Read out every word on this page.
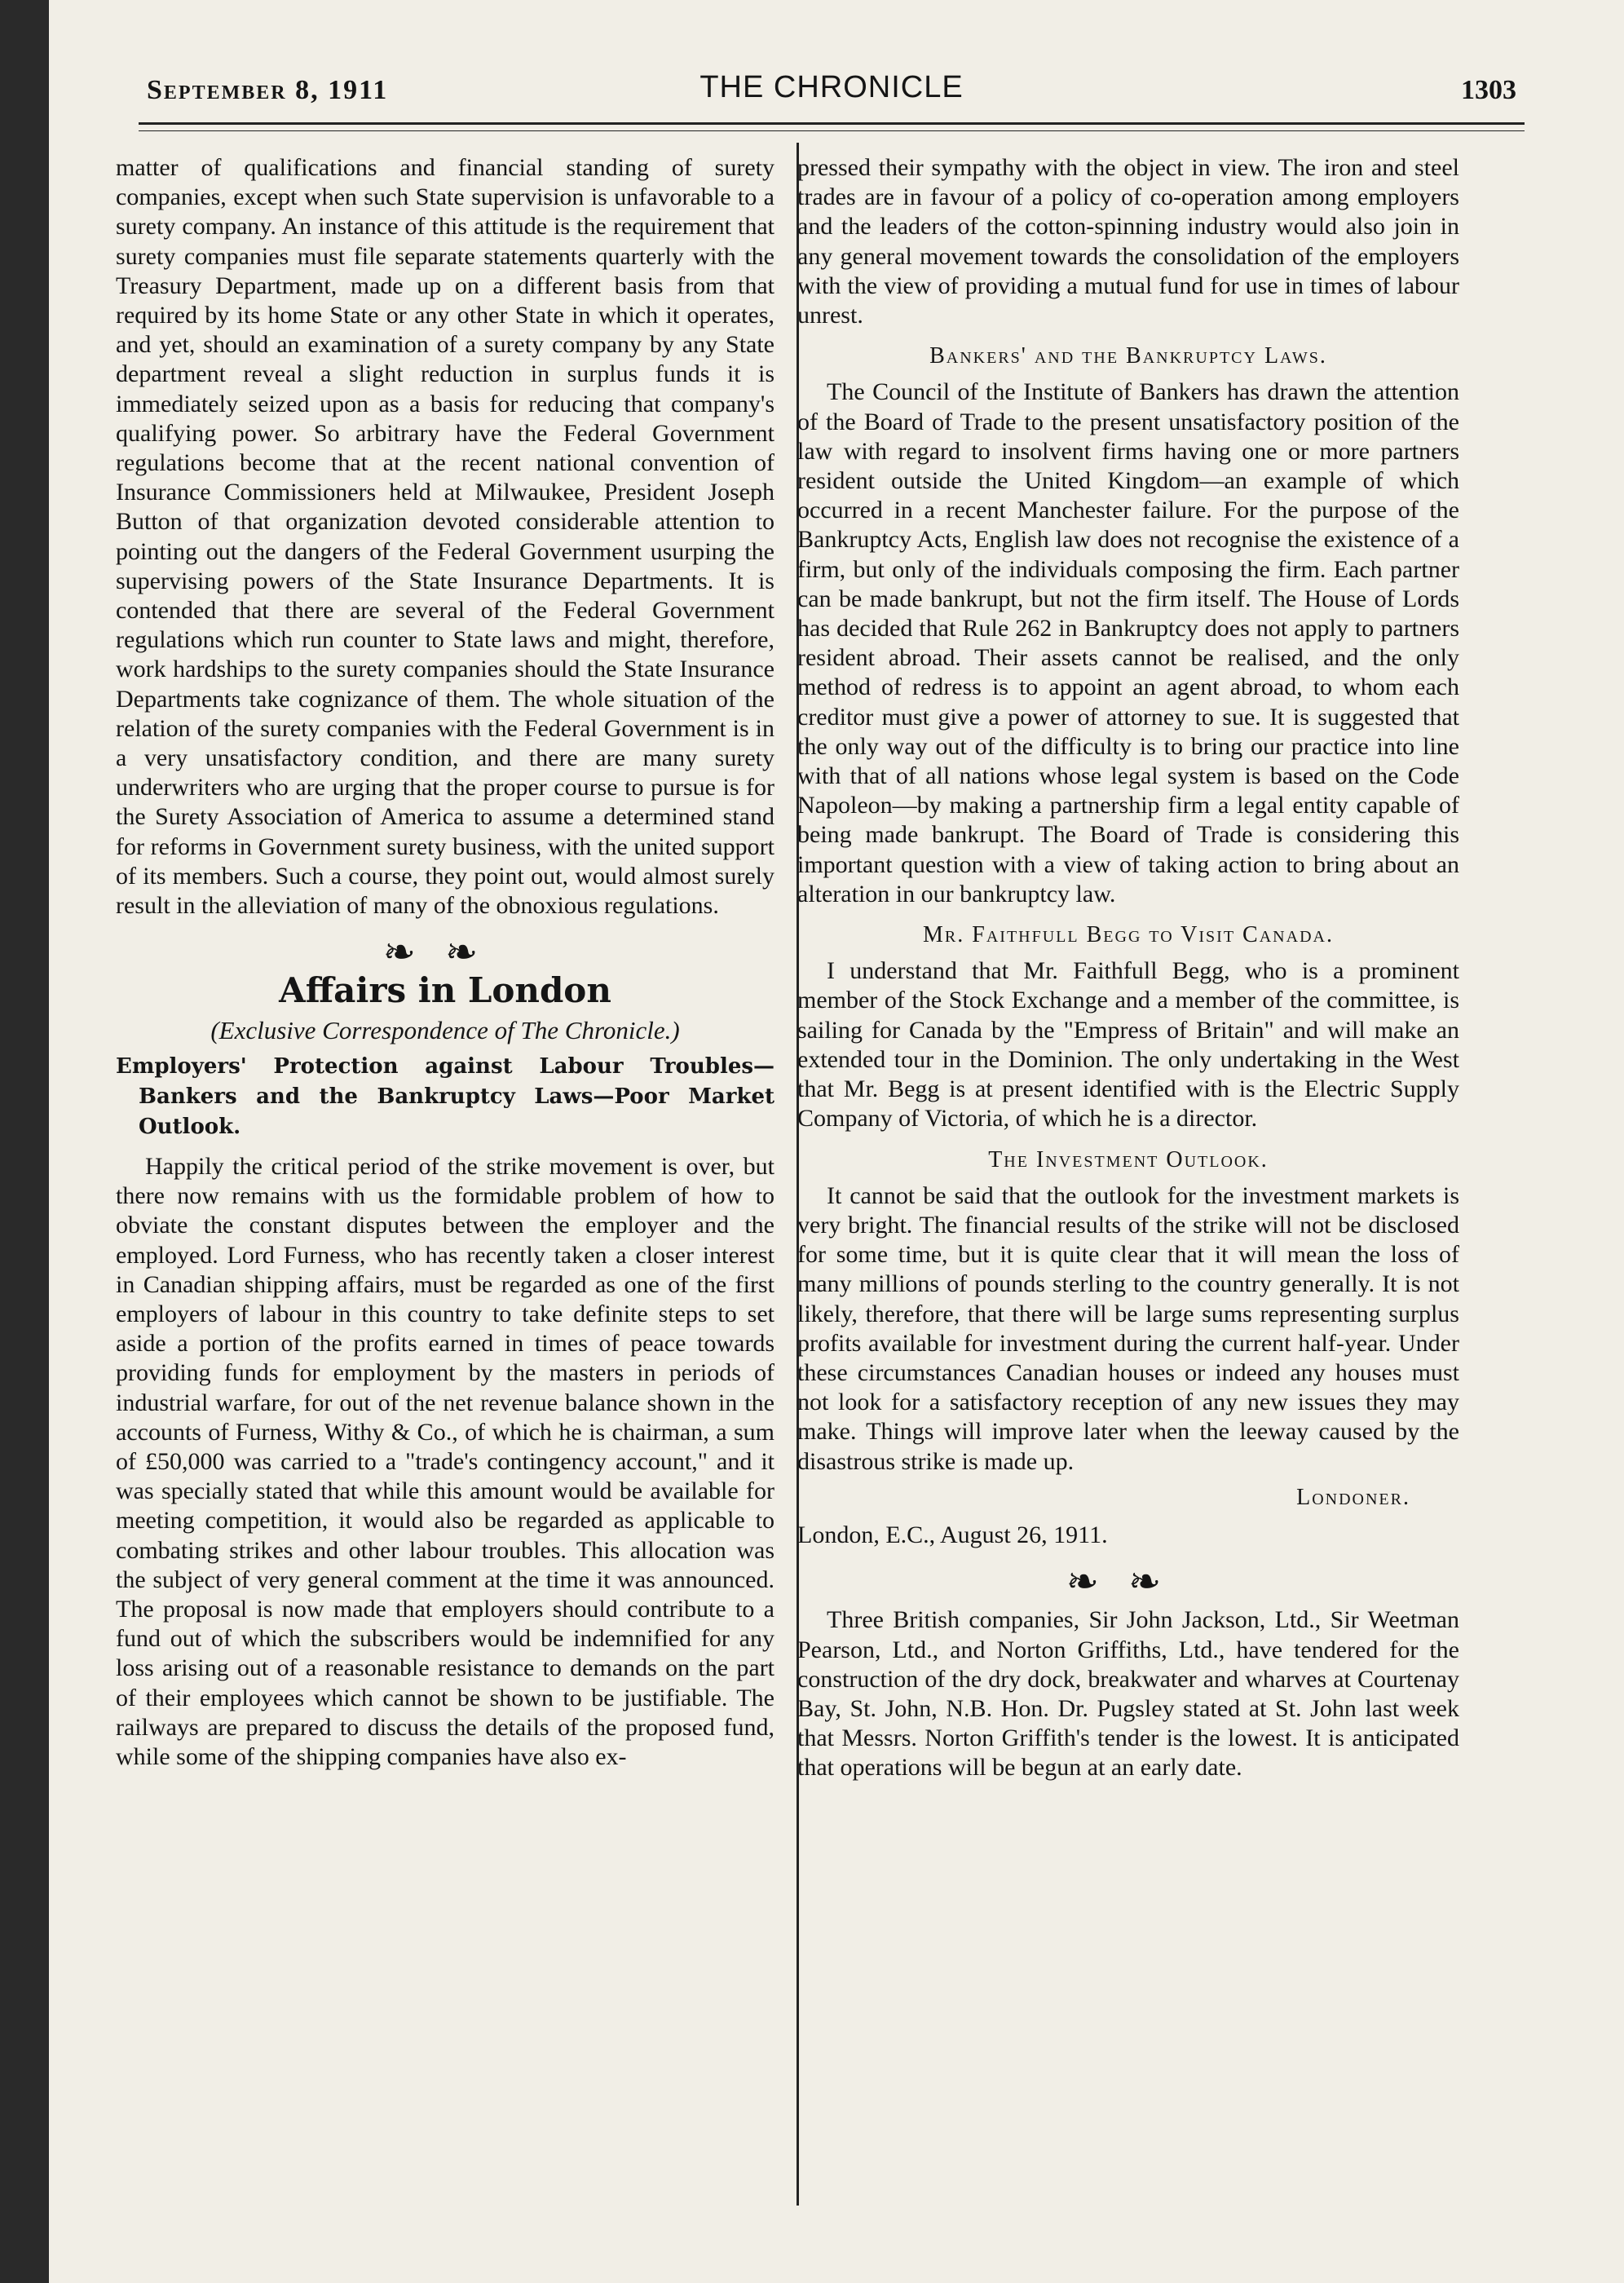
September 8, 1911	THE CHRONICLE	1303

matter of qualifications and financial standing of surety companies, except when such State supervision is unfavorable to a surety company. An instance of this attitude is the requirement that surety companies must file separate statements quarterly with the Treasury Department, made up on a different basis from that required by its home State or any other State in which it operates, and yet, should an examination of a surety company by any State department reveal a slight reduction in surplus funds it is immediately seized upon as a basis for reducing that company's qualifying power. So arbitrary have the Federal Government regulations become that at the recent national convention of Insurance Commissioners held at Milwaukee, President Joseph Button of that organization devoted considerable attention to pointing out the dangers of the Federal Government usurping the supervising powers of the State Insurance Departments. It is contended that there are several of the Federal Government regulations which run counter to State laws and might, therefore, work hardships to the surety companies should the State Insurance Departments take cognizance of them. The whole situation of the relation of the surety companies with the Federal Government is in a very unsatisfactory condition, and there are many surety underwriters who are urging that the proper course to pursue is for the Surety Association of America to assume a determined stand for reforms in Government surety business, with the united support of its members. Such a course, they point out, would almost surely result in the alleviation of many of the obnoxious regulations.

❧❧
Affairs in London
(Exclusive Correspondence of The Chronicle.)
Employers' Protection against Labour Troubles—Bankers and the Bankruptcy Laws—Poor Market Outlook.

Happily the critical period of the strike movement is over, but there now remains with us the formidable problem of how to obviate the constant disputes between the employer and the employed. Lord Furness, who has recently taken a closer interest in Canadian shipping affairs, must be regarded as one of the first employers of labour in this country to take definite steps to set aside a portion of the profits earned in times of peace towards providing funds for employment by the masters in periods of industrial warfare, for out of the net revenue balance shown in the accounts of Furness, Withy & Co., of which he is chairman, a sum of £50,000 was carried to a "trade's contingency account," and it was specially stated that while this amount would be available for meeting competition, it would also be regarded as applicable to combating strikes and other labour troubles. This allocation was the subject of very general comment at the time it was announced. The proposal is now made that employers should contribute to a fund out of which the subscribers would be indemnified for any loss arising out of a reasonable resistance to demands on the part of their employees which cannot be shown to be justifiable. The railways are prepared to discuss the details of the proposed fund, while some of the shipping companies have also ex-

pressed their sympathy with the object in view. The iron and steel trades are in favour of a policy of co-operation among employers and the leaders of the cotton-spinning industry would also join in any general movement towards the consolidation of the employers with the view of providing a mutual fund for use in times of labour unrest.

Bankers' and the Bankruptcy Laws.

The Council of the Institute of Bankers has drawn the attention of the Board of Trade to the present unsatisfactory position of the law with regard to insolvent firms having one or more partners resident outside the United Kingdom—an example of which occurred in a recent Manchester failure. For the purpose of the Bankruptcy Acts, English law does not recognise the existence of a firm, but only of the individuals composing the firm. Each partner can be made bankrupt, but not the firm itself. The House of Lords has decided that Rule 262 in Bankruptcy does not apply to partners resident abroad. Their assets cannot be realised, and the only method of redress is to appoint an agent abroad, to whom each creditor must give a power of attorney to sue. It is suggested that the only way out of the difficulty is to bring our practice into line with that of all nations whose legal system is based on the Code Napoleon—by making a partnership firm a legal entity capable of being made bankrupt. The Board of Trade is considering this important question with a view of taking action to bring about an alteration in our bankruptcy law.

Mr. Faithfull Begg to Visit Canada.

I understand that Mr. Faithfull Begg, who is a prominent member of the Stock Exchange and a member of the committee, is sailing for Canada by the "Empress of Britain" and will make an extended tour in the Dominion. The only undertaking in the West that Mr. Begg is at present identified with is the Electric Supply Company of Victoria, of which he is a director.

The Investment Outlook.

It cannot be said that the outlook for the investment markets is very bright. The financial results of the strike will not be disclosed for some time, but it is quite clear that it will mean the loss of many millions of pounds sterling to the country generally. It is not likely, therefore, that there will be large sums representing surplus profits available for investment during the current half-year. Under these circumstances Canadian houses or indeed any houses must not look for a satisfactory reception of any new issues they may make. Things will improve later when the leeway caused by the disastrous strike is made up.

Londoner.

London, E.C., August 26, 1911.

❧❧

Three British companies, Sir John Jackson, Ltd., Sir Weetman Pearson, Ltd., and Norton Griffiths, Ltd., have tendered for the construction of the dry dock, breakwater and wharves at Courtenay Bay, St. John, N.B. Hon. Dr. Pugsley stated at St. John last week that Messrs. Norton Griffith's tender is the lowest. It is anticipated that operations will be begun at an early date.
